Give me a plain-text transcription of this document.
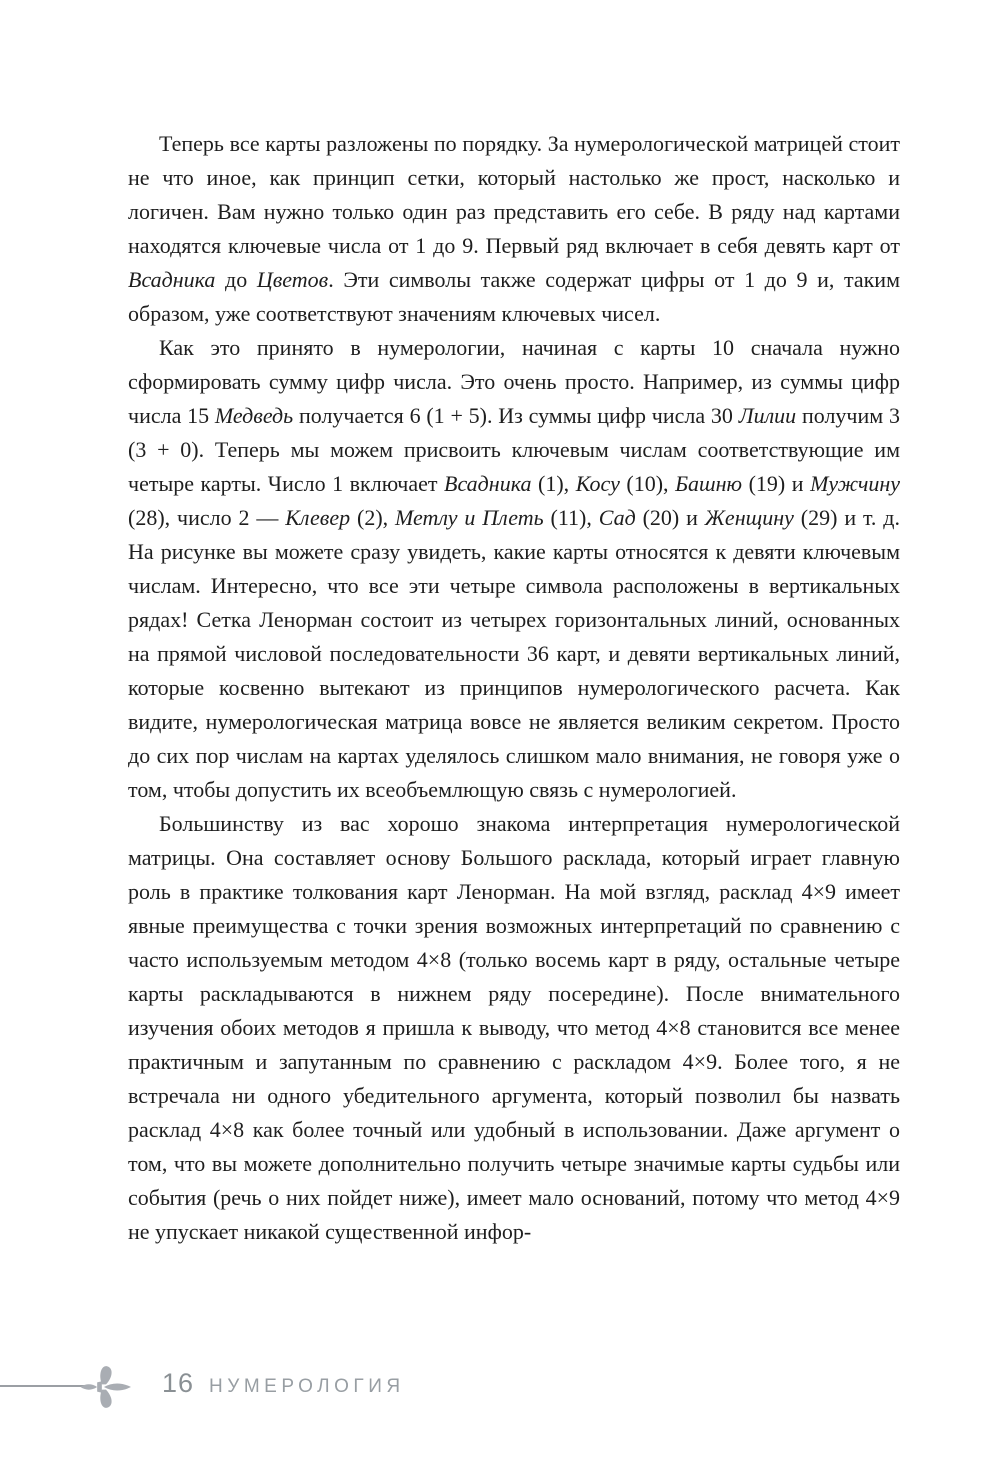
Теперь все карты разложены по порядку. За нумерологической матрицей стоит не что иное, как принцип сетки, который настолько же прост, насколько и логичен. Вам нужно только один раз представить его себе. В ряду над картами находятся ключевые числа от 1 до 9. Первый ряд включает в себя девять карт от Всадника до Цветов. Эти символы также содержат цифры от 1 до 9 и, таким образом, уже соответствуют значениям ключевых чисел.

Как это принято в нумерологии, начиная с карты 10 сначала нужно сформировать сумму цифр числа. Это очень просто. Например, из суммы цифр числа 15 Медведь получается 6 (1 + 5). Из суммы цифр числа 30 Лилии получим 3 (3 + 0). Теперь мы можем присвоить ключевым числам соответствующие им четыре карты. Число 1 включает Всадника (1), Косу (10), Башню (19) и Мужчину (28), число 2 — Клевер (2), Метлу и Плеть (11), Сад (20) и Женщину (29) и т. д. На рисунке вы можете сразу увидеть, какие карты относятся к девяти ключевым числам. Интересно, что все эти четыре символа расположены в вертикальных рядах! Сетка Ленорман состоит из четырех горизонтальных линий, основанных на прямой числовой последовательности 36 карт, и девяти вертикальных линий, которые косвенно вытекают из принципов нумерологического расчета. Как видите, нумерологическая матрица вовсе не является великим секретом. Просто до сих пор числам на картах уделялось слишком мало внимания, не говоря уже о том, чтобы допустить их всеобъемлющую связь с нумерологией.

Большинству из вас хорошо знакома интерпретация нумерологической матрицы. Она составляет основу Большого расклада, который играет главную роль в практике толкования карт Ленорман. На мой взгляд, расклад 4×9 имеет явные преимущества с точки зрения возможных интерпретаций по сравнению с часто используемым методом 4×8 (только восемь карт в ряду, остальные четыре карты раскладываются в нижнем ряду посередине). После внимательного изучения обоих методов я пришла к выводу, что метод 4×8 становится все менее практичным и запутанным по сравнению с раскладом 4×9. Более того, я не встречала ни одного убедительного аргумента, который позволил бы назвать расклад 4×8 как более точный или удобный в использовании. Даже аргумент о том, что вы можете дополнительно получить четыре значимые карты судьбы или события (речь о них пойдет ниже), имеет мало оснований, потому что метод 4×9 не упускает никакой существенной инфор-

16 НУМЕРОЛОГИЯ
